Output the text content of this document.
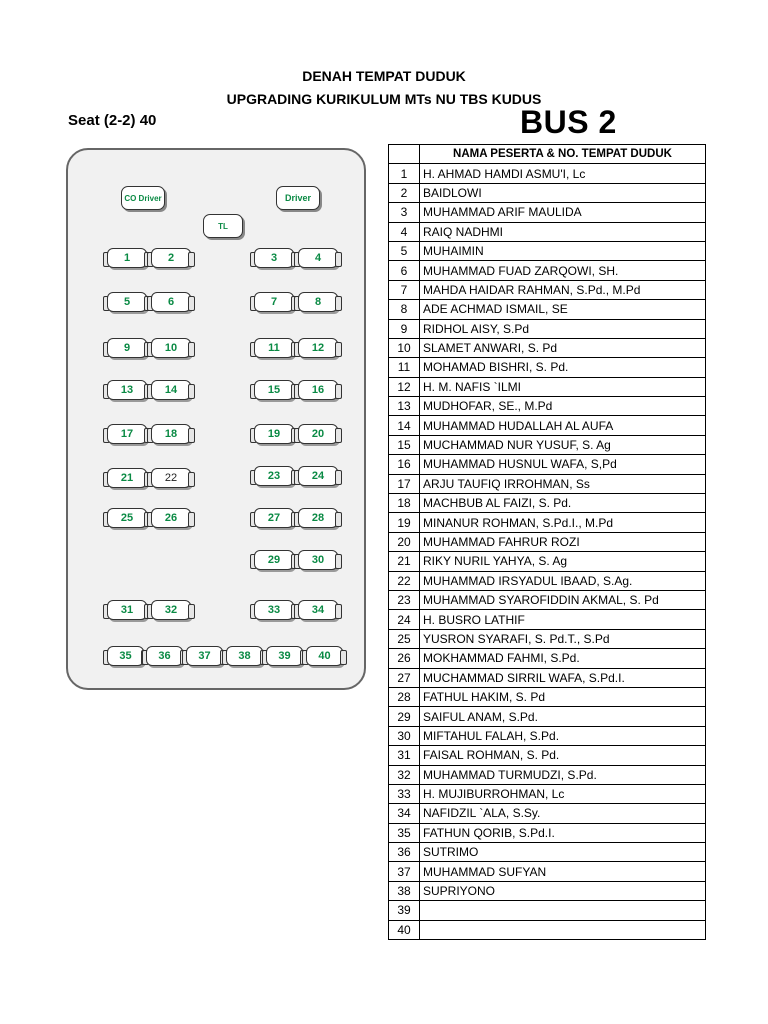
DENAH TEMPAT DUDUK
UPGRADING KURIKULUM MTs NU TBS KUDUS
Seat (2-2) 40	BUS 2
CO Driver	Driver
TL
1	2	3	4
5	6	7	8
9	10	11	12
13	14	15	16
17	18	19	20
21	22	23	24
25	26	27	28
29	30
31	32	33	34
35	36	37	38	39	40
	NAMA PESERTA & NO. TEMPAT DUDUK
1	H. AHMAD HAMDI ASMU'I, Lc
2	BAIDLOWI
3	MUHAMMAD ARIF MAULIDA
4	RAIQ NADHMI
5	MUHAIMIN
6	MUHAMMAD FUAD ZARQOWI, SH.
7	MAHDA HAIDAR RAHMAN, S.Pd., M.Pd
8	ADE ACHMAD ISMAIL, SE
9	RIDHOL AISY, S.Pd
10	SLAMET ANWARI, S. Pd
11	MOHAMAD BISHRI, S. Pd.
12	H. M. NAFIS `ILMI
13	MUDHOFAR, SE., M.Pd
14	MUHAMMAD HUDALLAH AL AUFA
15	MUCHAMMAD NUR YUSUF, S. Ag
16	MUHAMMAD HUSNUL WAFA, S,Pd
17	ARJU TAUFIQ IRROHMAN, Ss
18	MACHBUB AL FAIZI, S. Pd.
19	MINANUR ROHMAN, S.Pd.I., M.Pd
20	MUHAMMAD FAHRUR ROZI
21	RIKY NURIL YAHYA, S. Ag
22	MUHAMMAD IRSYADUL IBAAD, S.Ag.
23	MUHAMMAD SYAROFIDDIN AKMAL, S. Pd
24	H. BUSRO LATHIF
25	YUSRON SYARAFI, S. Pd.T., S.Pd
26	MOKHAMMAD FAHMI, S.Pd.
27	MUCHAMMAD SIRRIL WAFA, S.Pd.I.
28	FATHUL HAKIM, S. Pd
29	SAIFUL ANAM, S.Pd.
30	MIFTAHUL FALAH, S.Pd.
31	FAISAL ROHMAN, S. Pd.
32	MUHAMMAD TURMUDZI, S.Pd.
33	H. MUJIBURROHMAN, Lc
34	NAFIDZIL `ALA, S.Sy.
35	FATHUN QORIB, S.Pd.I.
36	SUTRIMO
37	MUHAMMAD SUFYAN
38	SUPRIYONO
39	
40	
